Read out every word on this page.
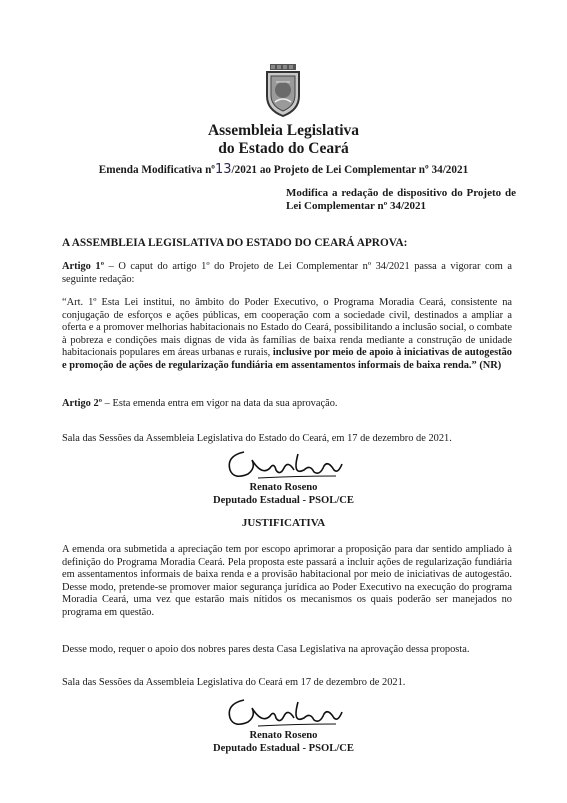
Assembleia Legislativa
do Estado do Ceará
Emenda Modificativa nº13/2021 ao Projeto de Lei Complementar nº 34/2021
Modifica a redação de dispositivo do Projeto de Lei Complementar nº 34/2021
A ASSEMBLEIA LEGISLATIVA DO ESTADO DO CEARÁ APROVA:
Artigo 1º – O caput do artigo 1º do Projeto de Lei Complementar nº 34/2021 passa a vigorar com a seguinte redação:
“Art. 1º Esta Lei institui, no âmbito do Poder Executivo, o Programa Moradia Ceará, consistente na conjugação de esforços e ações públicas, em cooperação com a sociedade civil, destinados a ampliar a oferta e a promover melhorias habitacionais no Estado do Ceará, possibilitando a inclusão social, o combate à pobreza e condições mais dignas de vida às famílias de baixa renda mediante a construção de unidade habitacionais populares em áreas urbanas e rurais, inclusive por meio de apoio à iniciativas de autogestão e promoção de ações de regularização fundiária em assentamentos informais de baixa renda.” (NR)
Artigo 2º – Esta emenda entra em vigor na data da sua aprovação.
Sala das Sessões da Assembleia Legislativa do Estado do Ceará, em 17 de dezembro de 2021.
Renato Roseno
Deputado Estadual - PSOL/CE
JUSTIFICATIVA
A emenda ora submetida a apreciação tem por escopo aprimorar a proposição para dar sentido ampliado à definição do Programa Moradia Ceará. Pela proposta este passará a incluir ações de regularização fundiária em assentamentos informais de baixa renda e a provisão habitacional por meio de iniciativas de autogestão. Desse modo, pretende-se promover maior segurança jurídica ao Poder Executivo na execução do programa Moradia Ceará, uma vez que estarão mais nítidos os mecanismos os quais poderão ser manejados no programa em questão.
Desse modo, requer o apoio dos nobres pares desta Casa Legislativa na aprovação dessa proposta.
Sala das Sessões da Assembleia Legislativa do Ceará em 17 de dezembro de 2021.
Renato Roseno
Deputado Estadual - PSOL/CE
